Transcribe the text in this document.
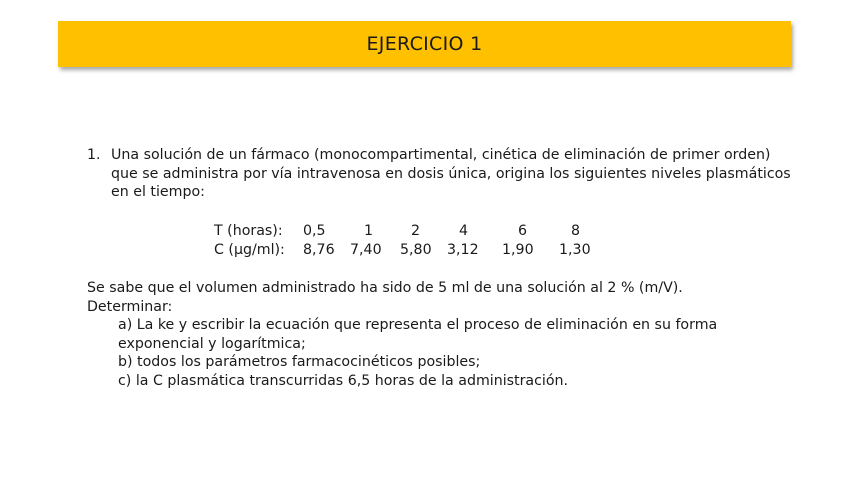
EJERCICIO 1
1. Una solución de un fármaco (monocompartimental, cinética de eliminación de primer orden) que se administra por vía intravenosa en dosis única, origina los siguientes niveles plasmáticos en el tiempo:
T (horas):	0,5	1	2	4	6	8
C (µg/ml):	8,76	7,40	5,80	3,12	1,90	1,30
Se sabe que el volumen administrado ha sido de 5 ml de una solución al 2 % (m/V).
Determinar:
a) La ke y escribir la ecuación que representa el proceso de eliminación en su forma exponencial y logarítmica;
b) todos los parámetros farmacocinéticos posibles;
c) la C plasmática transcurridas 6,5 horas de la administración.
